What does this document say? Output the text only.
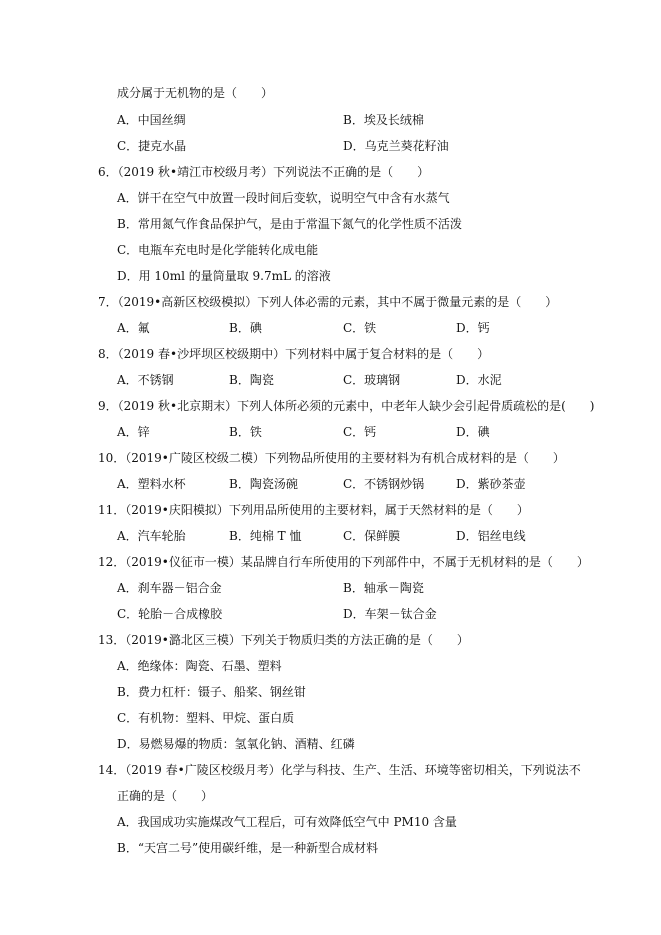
成分属于无机物的是（　　）
A．中国丝绸	B．埃及长绒棉
C．捷克水晶	D．乌克兰葵花籽油
6．（2019 秋•靖江市校级月考）下列说法不正确的是（　　）
A．饼干在空气中放置一段时间后变软，说明空气中含有水蒸气
B．常用氮气作食品保护气，是由于常温下氮气的化学性质不活泼
C．电瓶车充电时是化学能转化成电能
D．用 10ml 的量筒量取 9.7mL 的溶液
7．（2019•高新区校级模拟）下列人体必需的元素，其中不属于微量元素的是（　　）
A．氟	B．碘	C．铁	D．钙
8．（2019 春•沙坪坝区校级期中）下列材料中属于复合材料的是（　　）
A．不锈钢	B．陶瓷	C．玻璃钢	D．水泥
9．（2019 秋•北京期末）下列人体所必须的元素中，中老年人缺少会引起骨质疏松的是(　　)
A．锌	B．铁	C．钙	D．碘
10．（2019•广陵区校级二模）下列物品所使用的主要材料为有机合成材料的是（　　）
A．塑料水杯	B．陶瓷汤碗	C．不锈钢炒锅	D．紫砂茶壶
11．（2019•庆阳模拟）下列用品所使用的主要材料，属于天然材料的是（　　）
A．汽车轮胎	B．纯棉 T 恤	C．保鲜膜	D．铝丝电线
12．（2019•仪征市一模）某品牌自行车所使用的下列部件中，不属于无机材料的是（　　）
A．刹车器－铝合金	B．轴承－陶瓷
C．轮胎－合成橡胶	D．车架－钛合金
13．（2019•潞北区三模）下列关于物质归类的方法正确的是（　　）
A．绝缘体：陶瓷、石墨、塑料
B．费力杠杆：镊子、船桨、钢丝钳
C．有机物：塑料、甲烷、蛋白质
D．易燃易爆的物质：氢氧化钠、酒精、红磷
14．（2019 春•广陵区校级月考）化学与科技、生产、生活、环境等密切相关，下列说法不
正确的是（　　）
A．我国成功实施煤改气工程后，可有效降低空气中 PM10 含量
B．“天宫二号”使用碳纤维，是一种新型合成材料
